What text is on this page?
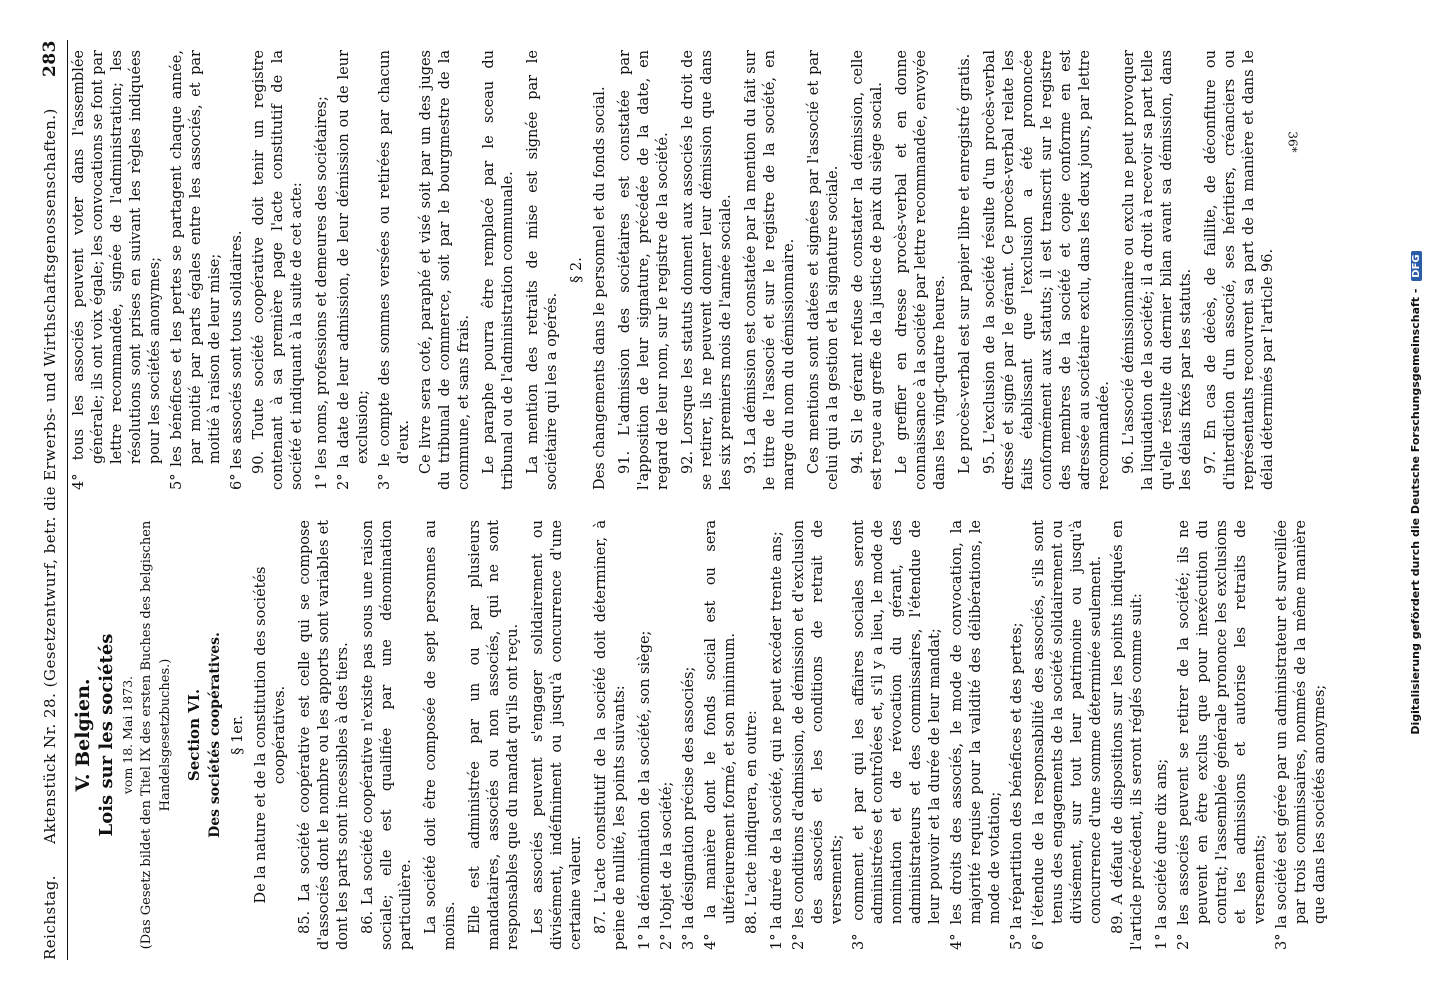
Reichstag.
Aktenstück Nr. 28. (Gesetzentwurf, betr. die Erwerbs- und Wirthschaftsgenossenschaften.)
283
V. Belgien. Lois sur les sociétés vom 18. Mai 1873. (Das Gesetz bildet den Titel IX des ersten Buches des belgischen Handelsgesetzbuches.) Section VI. Des sociétés coopératives. § 1er. De la nature et de la constitution des sociétés coopératives. 85. La société coopérative est celle qui se compose d'associés dont le nombre ou les apports sont variables et dont les parts sont incessibles à des tiers. 86. La société coopérative n'existe pas sous une raison sociale; elle est qualifiée par une dénomination particulière. La société doit être composée de sept personnes au moins. Elle est administrée par un ou par plusieurs mandataires, associés ou non associés, qui ne sont responsables que du mandat qu'ils ont reçu. Les associés peuvent s'engager solidairement ou divisément, indéfiniment ou jusqu'à concurrence d'une certaine valeur. 87. L'acte constitutif de la société doit déterminer, à peine de nullité, les points suivants: 1° la dénomination de la société, son siège; 2° l'objet de la société; 3° la désignation précise des associés; 4° la manière dont le fonds social est ou sera ultérieurement formé, et son minimum. 88. L'acte indiquera, en outre: 1° la durée de la société, qui ne peut excéder trente ans; 2° les conditions d'admission, de démission et d'exclusion des associés et les conditions de retrait de versements; 3° comment et par qui les affaires sociales seront administrées et contrôlées et, s'il y a lieu, le mode de nomination et de révocation du gérant, des administrateurs et des commissaires, l'étendue de leur pouvoir et la durée de leur mandat; 4° les droits des associés, le mode de convocation, la majorité requise pour la validité des délibérations, le mode de votation; 5° la répartition des bénéfices et des pertes; 6° l'étendue de la responsabilité des associés, s'ils sont tenus des engagements de la société solidairement ou divisément, sur tout leur patrimoine ou jusqu'à concurrence d'une somme déterminée seulement. 89. A défaut de dispositions sur les points indiqués en l'article précédent, ils seront réglés comme suit: 1° la société dure dix ans; 2° les associés peuvent se retirer de la société; ils ne peuvent en être exclus que pour inexécution du contrat; l'assemblée générale prononce les exclusions et les admissions et autorise les retraits de versements; 3° la société est gérée par un administrateur et surveillée par trois commissaires, nommés de la même manière que dans les sociétés anonymes;
4° tous les associés peuvent voter dans l'assemblée générale; ils ont voix égale; les convocations se font par lettre recommandée, signée de l'administration; les résolutions sont prises en suivant les règles indiquées pour les sociétés anonymes; 5° les bénéfices et les pertes se partagent chaque année, par moitié par parts égales entre les associés, et par moitié à raison de leur mise; 6° les associés sont tous solidaires. 90. Toute société coopérative doit tenir un registre contenant à sa première page l'acte constitutif de la société et indiquant à la suite de cet acte: 1° les noms, professions et demeures des sociétaires; 2° la date de leur admission, de leur démission ou de leur exclusion; 3° le compte des sommes versées ou retirées par chacun d'eux. Ce livre sera coté, paraphé et visé soit par un des juges du tribunal de commerce, soit par le bourgmestre de la commune, et sans frais. Le paraphe pourra être remplacé par le sceau du tribunal ou de l'administration communale. La mention des retraits de mise est signée par le sociétaire qui les a opérés.

§ 2. Des changements dans le personnel et du fonds social. 91. L'admission des sociétaires est constatée par l'apposition de leur signature, précédée de la date, en regard de leur nom, sur le registre de la société. 92. Lorsque les statuts donnent aux associés le droit de se retirer, ils ne peuvent donner leur démission que dans les six premiers mois de l'année sociale. 93. La démission est constatée par la mention du fait sur le titre de l'associé et sur le registre de la société, en marge du nom du démissionnaire. Ces mentions sont datées et signées par l'associé et par celui qui a la gestion et la signature sociale. 94. Si le gérant refuse de constater la démission, celle est reçue au greffe de la justice de paix du siège social. Le greffier en dresse procès-verbal et en donne connaissance à la société par lettre recommandée, envoyée dans les vingt-quatre heures. Le procès-verbal est sur papier libre et enregistré gratis. 95. L'exclusion de la société résulte d'un procès-verbal dressé et signé par le gérant. Ce procès-verbal relate les faits établissant que l'exclusion a été prononcée conformément aux statuts; il est transcrit sur le registre des membres de la société et copie conforme en est adressée au sociétaire exclu, dans les deux jours, par lettre recommandée. 96. L'associé démissionnaire ou exclu ne peut provoquer la liquidation de la société; il a droit à recevoir sa part telle qu'elle résulte du dernier bilan avant sa démission, dans les délais fixés par les statuts. 97. En cas de décès, de faillite, de déconfiture ou d'interdiction d'un associé, ses héritiers, créanciers ou représentants recouvrent sa part de la manière et dans le délai déterminés par l'article 96.

36*
Digitalisierung gefördert durch die Deutsche Forschungsgemeinschaft - DFG
